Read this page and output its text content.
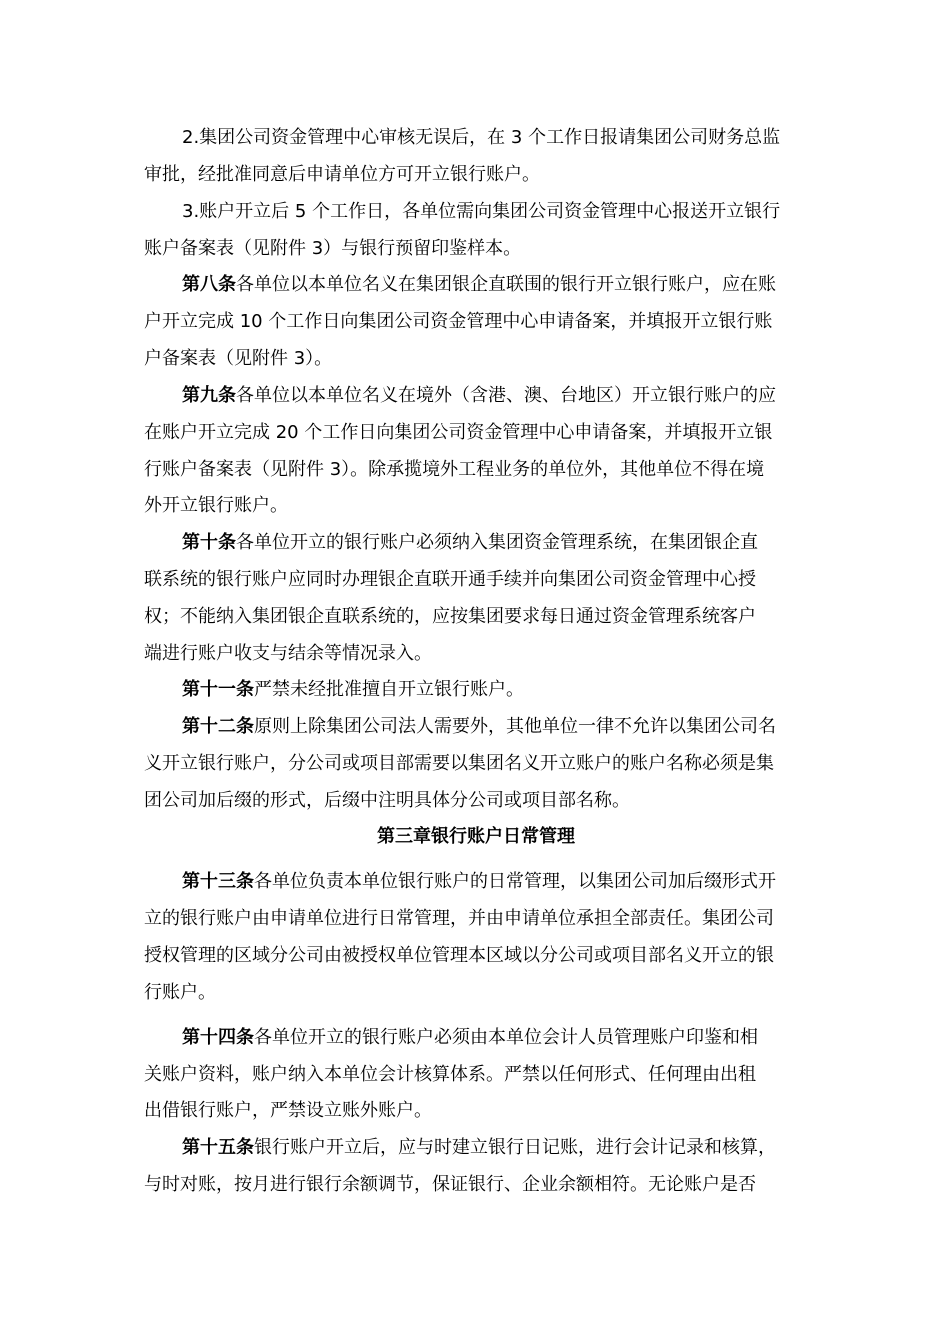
2.集团公司资金管理中心审核无误后，在 3 个工作日报请集团公司财务总监
审批，经批准同意后申请单位方可开立银行账户。
3.账户开立后 5 个工作日，各单位需向集团公司资金管理中心报送开立银行
账户备案表（见附件 3）与银行预留印鉴样本。
第八条各单位以本单位名义在集团银企直联围的银行开立银行账户，应在账
户开立完成 10 个工作日向集团公司资金管理中心申请备案，并填报开立银行账
户备案表（见附件 3）。
第九条各单位以本单位名义在境外（含港、澳、台地区）开立银行账户的应
在账户开立完成 20 个工作日向集团公司资金管理中心申请备案，并填报开立银
行账户备案表（见附件 3）。除承揽境外工程业务的单位外，其他单位不得在境
外开立银行账户。
第十条各单位开立的银行账户必须纳入集团资金管理系统，在集团银企直
联系统的银行账户应同时办理银企直联开通手续并向集团公司资金管理中心授
权；不能纳入集团银企直联系统的，应按集团要求每日通过资金管理系统客户
端进行账户收支与结余等情况录入。
第十一条严禁未经批准擅自开立银行账户。
第十二条原则上除集团公司法人需要外，其他单位一律不允许以集团公司名
义开立银行账户，分公司或项目部需要以集团名义开立账户的账户名称必须是集
团公司加后缀的形式，后缀中注明具体分公司或项目部名称。
第三章银行账户日常管理
第十三条各单位负责本单位银行账户的日常管理，以集团公司加后缀形式开
立的银行账户由申请单位进行日常管理，并由申请单位承担全部责任。集团公司
授权管理的区域分公司由被授权单位管理本区域以分公司或项目部名义开立的银
行账户。
第十四条各单位开立的银行账户必须由本单位会计人员管理账户印鉴和相
关账户资料，账户纳入本单位会计核算体系。严禁以任何形式、任何理由出租
出借银行账户，严禁设立账外账户。
第十五条银行账户开立后，应与时建立银行日记账，进行会计记录和核算，
与时对账，按月进行银行余额调节，保证银行、企业余额相符。无论账户是否
